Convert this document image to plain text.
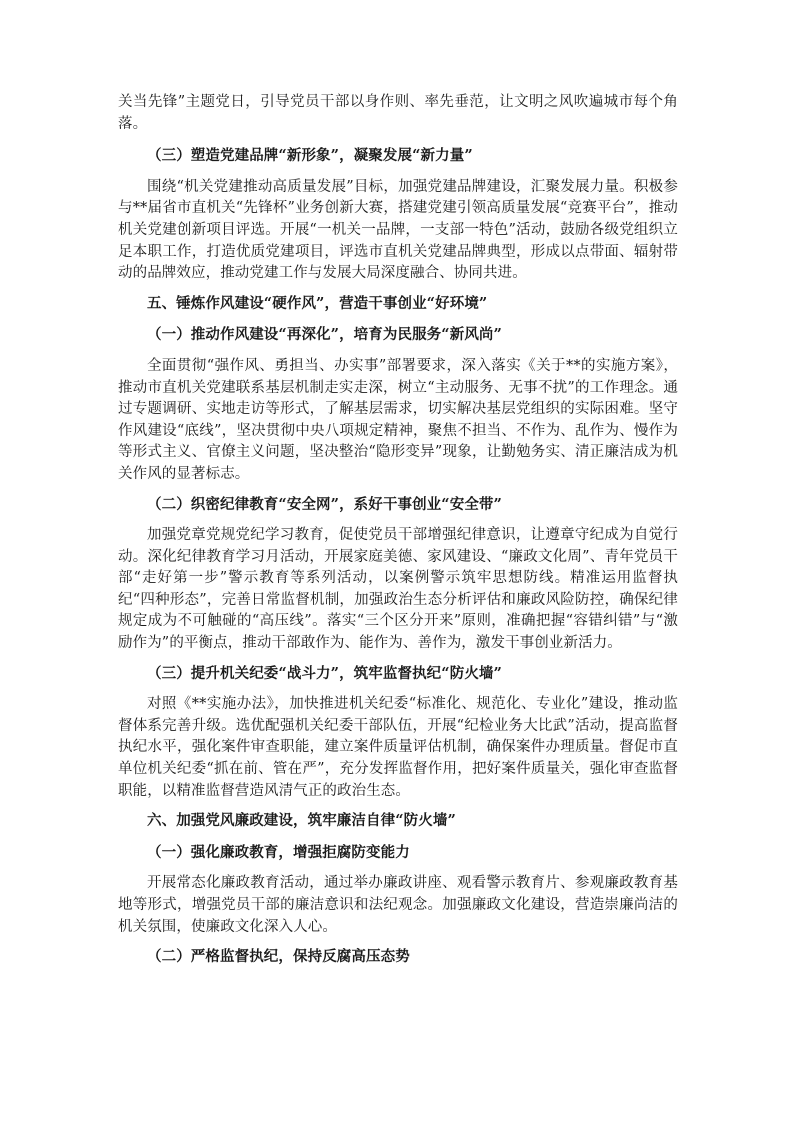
关当先锋”主题党日，引导党员干部以身作则、率先垂范，让文明之风吹遍城市每个角落。

（三）塑造党建品牌“新形象”，凝聚发展“新力量”

围绕“机关党建推动高质量发展”目标，加强党建品牌建设，汇聚发展力量。积极参与**届省市直机关“先锋杯”业务创新大赛，搭建党建引领高质量发展“竞赛平台”，推动机关党建创新项目评选。开展“一机关一品牌，一支部一特色”活动，鼓励各级党组织立足本职工作，打造优质党建项目，评选市直机关党建品牌典型，形成以点带面、辐射带动的品牌效应，推动党建工作与发展大局深度融合、协同共进。

五、锤炼作风建设“硬作风”，营造干事创业“好环境”

（一）推动作风建设“再深化”，培育为民服务“新风尚”

全面贯彻“强作风、勇担当、办实事”部署要求，深入落实《关于**的实施方案》，推动市直机关党建联系基层机制走实走深，树立“主动服务、无事不扰”的工作理念。通过专题调研、实地走访等形式，了解基层需求，切实解决基层党组织的实际困难。坚守作风建设“底线”，坚决贯彻中央八项规定精神，聚焦不担当、不作为、乱作为、慢作为等形式主义、官僚主义问题，坚决整治“隐形变异”现象，让勤勉务实、清正廉洁成为机关作风的显著标志。

（二）织密纪律教育“安全网”，系好干事创业“安全带”

加强党章党规党纪学习教育，促使党员干部增强纪律意识，让遵章守纪成为自觉行动。深化纪律教育学习月活动，开展家庭美德、家风建设、“廉政文化周”、青年党员干部“走好第一步”警示教育等系列活动，以案例警示筑牢思想防线。精准运用监督执纪“四种形态”，完善日常监督机制，加强政治生态分析评估和廉政风险防控，确保纪律规定成为不可触碰的“高压线”。落实“三个区分开来”原则，准确把握“容错纠错”与“激励作为”的平衡点，推动干部敢作为、能作为、善作为，激发干事创业新活力。

（三）提升机关纪委“战斗力”，筑牢监督执纪“防火墙”

对照《**实施办法》，加快推进机关纪委“标准化、规范化、专业化”建设，推动监督体系完善升级。选优配强机关纪委干部队伍，开展“纪检业务大比武”活动，提高监督执纪水平，强化案件审查职能，建立案件质量评估机制，确保案件办理质量。督促市直单位机关纪委“抓在前、管在严”，充分发挥监督作用，把好案件质量关，强化审查监督职能，以精准监督营造风清气正的政治生态。

六、加强党风廉政建设，筑牢廉洁自律“防火墙”

（一）强化廉政教育，增强拒腐防变能力

开展常态化廉政教育活动，通过举办廉政讲座、观看警示教育片、参观廉政教育基地等形式，增强党员干部的廉洁意识和法纪观念。加强廉政文化建设，营造崇廉尚洁的机关氛围，使廉政文化深入人心。

（二）严格监督执纪，保持反腐高压态势
